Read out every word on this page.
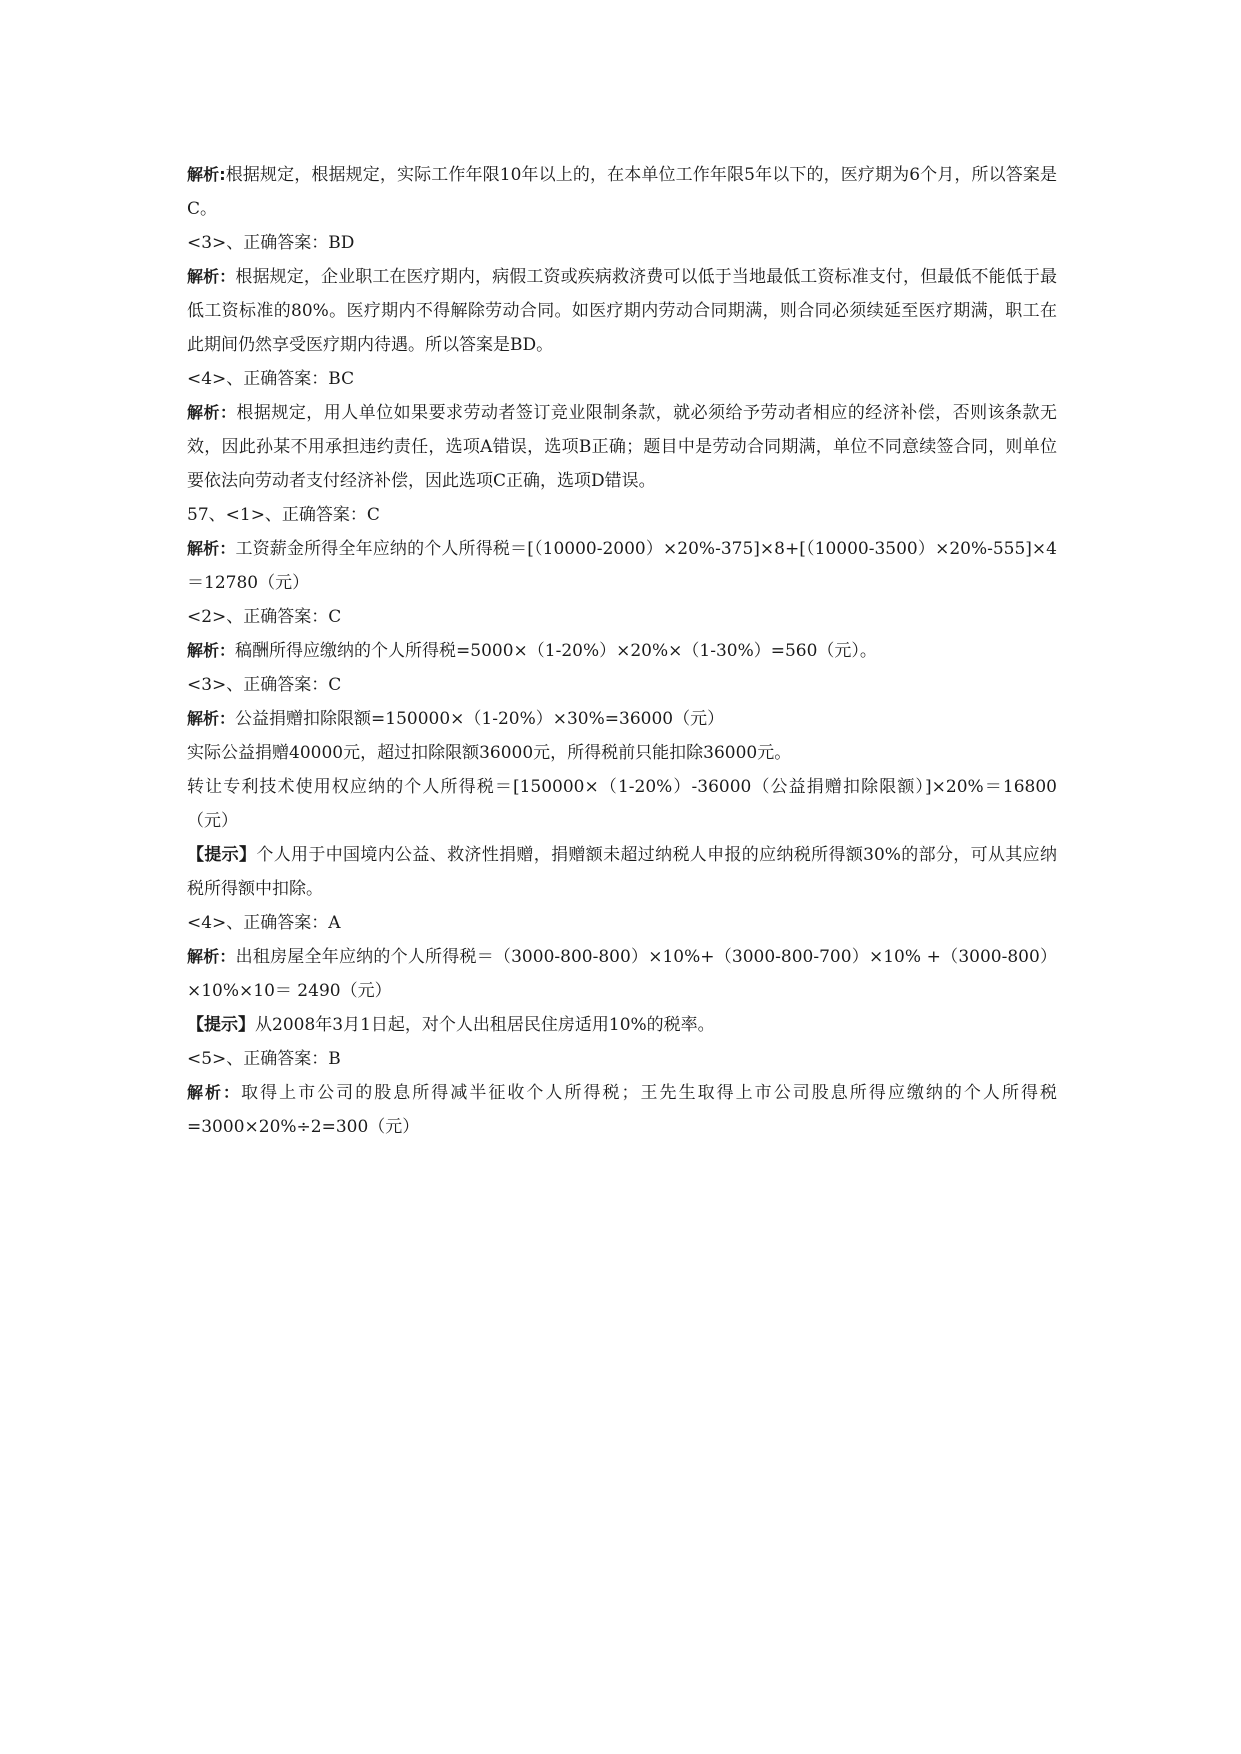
解析:根据规定，根据规定，实际工作年限10年以上的，在本单位工作年限5年以下的，医疗期为6个月，所以答案是C。
<3>、正确答案：BD
解析：根据规定，企业职工在医疗期内，病假工资或疾病救济费可以低于当地最低工资标准支付，但最低不能低于最低工资标准的80%。医疗期内不得解除劳动合同。如医疗期内劳动合同期满，则合同必须续延至医疗期满，职工在此期间仍然享受医疗期内待遇。所以答案是BD。
<4>、正确答案：BC
解析：根据规定，用人单位如果要求劳动者签订竞业限制条款，就必须给予劳动者相应的经济补偿，否则该条款无效，因此孙某不用承担违约责任，选项A错误，选项B正确；题目中是劳动合同期满，单位不同意续签合同，则单位要依法向劳动者支付经济补偿，因此选项C正确，选项D错误。
57、<1>、正确答案：C
解析：工资薪金所得全年应纳的个人所得税＝[（10000-2000）×20%-375]×8+[（10000-3500）×20%-555]×4＝12780（元）
<2>、正确答案：C
解析：稿酬所得应缴纳的个人所得税=5000×（1-20%）×20%×（1-30%）=560（元）。
<3>、正确答案：C
解析：公益捐赠扣除限额=150000×（1-20%）×30%=36000（元）
实际公益捐赠40000元，超过扣除限额36000元，所得税前只能扣除36000元。
转让专利技术使用权应纳的个人所得税＝[150000×（1-20%）-36000（公益捐赠扣除限额）]×20%＝16800（元）
【提示】个人用于中国境内公益、救济性捐赠，捐赠额未超过纳税人申报的应纳税所得额30%的部分，可从其应纳税所得额中扣除。
<4>、正确答案：A
解析：出租房屋全年应纳的个人所得税＝（3000-800-800）×10%+（3000-800-700）×10% +（3000-800）×10%×10＝ 2490（元）
【提示】从2008年3月1日起，对个人出租居民住房适用10%的税率。
<5>、正确答案：B
解析：取得上市公司的股息所得减半征收个人所得税；王先生取得上市公司股息所得应缴纳的个人所得税=3000×20%÷2=300（元）
